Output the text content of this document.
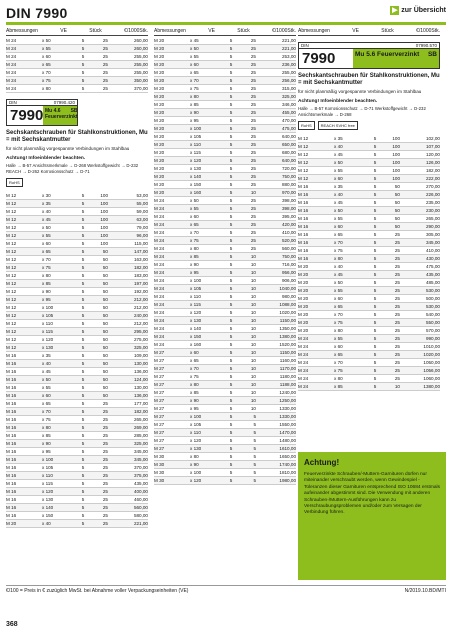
DIN 7990	▶ zur Übersicht
Abmessungen	VE	Stück	€/1000Stk.
M 24	x 50	5	25	260,00
M 24	x 55	5	25	260,00
M 24	x 60	5	25	255,00
M 24	x 65	5	25	255,00
M 24	x 70	5	25	255,00
M 24	x 75	5	25	350,00
M 24	x 80	5	25	370,00
DIN	07990.420
7990 Mu 4.6 Feuerverzinkt
SB
Sechskantschrauben für Stahlkonstruktionen, Mu = mit Sechskantmutter
für nicht planmäßig vorgespannte Verbindungen im Stahlbau
Achtung! Infoeinblender beachten.
Halle → B-57 Ansichtsmerkmale → D-268 Werkstoffgewicht → D-232 REACH → D-262 Korrosionsschutz → D-71
RoHS
M 12	x 30	5	100	53,00
M 12	x 35	5	100	55,00
M 12	x 40	5	100	59,00
M 12	x 45	5	100	63,00
M 12	x 50	5	100	79,00
M 12	x 55	5	100	96,00
M 12	x 60	5	100	115,00
M 12	x 65	5	50	147,00
M 12	x 70	5	50	163,00
M 12	x 75	5	50	182,00
M 12	x 80	5	50	183,00
M 12	x 85	5	50	197,00
M 12	x 90	5	50	192,00
M 12	x 95	5	50	212,00
M 12	x 100	5	50	212,00
M 12	x 105	5	50	240,00
M 12	x 110	5	50	212,00
M 12	x 115	5	50	295,00
M 12	x 120	5	50	275,00
M 12	x 130	5	50	325,00
M 16	x 35	5	50	109,00
M 16	x 40	5	50	130,00
M 16	x 45	5	50	136,00
M 16	x 50	5	50	124,00
M 16	x 55	5	50	130,00
M 16	x 60	5	50	136,00
M 16	x 65	5	25	177,00
M 16	x 70	5	25	182,00
M 16	x 75	5	25	265,00
M 16	x 80	5	25	269,00
M 16	x 85	5	25	285,00
M 16	x 90	5	25	325,00
M 16	x 95	5	25	345,00
M 16	x 100	5	25	345,00
M 16	x 105	5	25	370,00
M 16	x 110	5	25	375,00
M 16	x 115	5	25	435,00
M 16	x 120	5	25	400,00
M 16	x 130	5	25	460,00
M 16	x 140	5	25	560,00
M 16	x 150	5	25	580,00
M 20	x 40	5	25	221,00
Abmessungen	VE	Stück	€/1000Stk.
M 20	x 45	5	25	221,00
M 20	x 50	5	25	221,00
M 20	x 55	5	25	253,00
M 20	x 60	5	25	236,00
M 20	x 65	5	25	255,00
M 20	x 70	5	25	256,00
M 20	x 75	5	25	315,00
M 20	x 80	5	25	325,00
M 20	x 85	5	25	346,00
M 20	x 90	5	25	455,00
M 20	x 95	5	25	470,00
M 20	x 100	5	25	475,00
M 20	x 105	5	25	640,00
M 20	x 110	5	25	650,00
M 20	x 115	5	25	680,00
M 20	x 120	5	25	640,00
M 20	x 130	5	25	720,00
M 20	x 140	5	25	750,00
M 20	x 150	5	25	880,00
M 20	x 160	5	10	970,00
M 24	x 50	5	25	398,00
M 24	x 55	5	25	398,00
M 24	x 60	5	25	395,00
M 24	x 65	5	25	420,00
M 24	x 70	5	25	410,00
M 24	x 75	5	25	520,00
M 24	x 80	5	25	560,00
M 24	x 85	5	10	750,00
M 24	x 90	5	10	716,00
M 24	x 95	5	10	956,00
M 24	x 100	5	10	906,00
M 24	x 105	5	10	1040,00
M 24	x 110	5	10	980,00
M 24	x 115	5	10	1088,00
M 24	x 120	5	10	1020,00
M 24	x 130	5	10	1150,00
M 24	x 140	5	10	1350,00
M 24	x 150	5	10	1380,00
M 24	x 160	5	10	1520,00
M 27	x 60	5	10	1150,00
M 27	x 65	5	10	1160,00
M 27	x 70	5	10	1170,00
M 27	x 75	5	10	1180,00
M 27	x 80	5	10	1188,00
M 27	x 85	5	10	1240,00
M 27	x 90	5	10	1250,00
M 27	x 95	5	10	1330,00
M 27	x 100	5	5	1330,00
M 27	x 105	5	5	1550,00
M 27	x 110	5	5	1470,00
M 27	x 120	5	5	1480,00
M 27	x 130	5	5	1610,00
M 30	x 80	5	5	1650,00
M 30	x 90	5	5	1740,00
M 30	x 100	5	5	1810,00
M 30	x 120	5	5	1980,00
Abmessungen	VE	Stück	€/1000Stk.
DIN	07990.570
7990	Mu 5.6 Feuerverzinkt SB
Sechskantschrauben für Stahlkonstruktionen, Mu = mit Sechskantmutter
für nicht planmäßig vorgespannte Verbindungen im Stahlbau
Achtung! Infoeinblender beachten.
Halle → B-57 Korrosionsschutz → D-71 Werkstoffgewicht → D-232 Ansichtsmerkmale → D-268
RoHS	REACH SVHC free
M 12	x 35	5	100	102,00
M 12	x 40	5	100	107,00
M 12	x 45	5	100	120,00
M 12	x 50	5	100	126,00
M 12	x 55	5	100	182,00
M 12	x 60	5	100	222,00
M 16	x 35	5	50	270,00
M 16	x 40	5	50	226,00
M 16	x 45	5	50	235,00
M 16	x 50	5	50	230,00
M 16	x 55	5	50	265,00
M 16	x 60	5	50	290,00
M 16	x 65	5	25	305,00
M 16	x 70	5	25	345,00
M 16	x 75	5	25	410,00
M 16	x 80	5	25	430,00
M 20	x 40	5	25	475,00
M 20	x 45	5	25	435,00
M 20	x 50	5	25	485,00
M 20	x 55	5	25	530,00
M 20	x 60	5	25	500,00
M 20	x 65	5	25	530,00
M 20	x 70	5	25	540,00
M 20	x 75	5	25	550,00
M 20	x 80	5	25	570,00
M 24	x 55	5	25	990,00
M 24	x 60	5	25	1010,00
M 24	x 65	5	25	1020,00
M 24	x 70	5	25	1050,00
M 24	x 75	5	25	1056,00
M 24	x 80	5	25	1060,00
M 24	x 85	5	10	1380,00
Achtung!

Feuerverzinkte Schrauben/-Muttern-Garnituren dürfen nur miteinander verschraubt werden, wenn Gewindespiel - Toleranzen dieser Garnituren entsprechend ISO 10684 erstmals aufeinander abgestimmt sind. Die Verwendung mit anderen Schrauben-/Muttern-Ausführungen kann zu Verschraubungsproblemen und/oder zum Versagen der Verbindung führen.

€/100 = Preis in € zuzüglich MwSt. bei Abnahme voller Verpackungseinheiten (VE)	N/2019.10.BD/MTI
368
